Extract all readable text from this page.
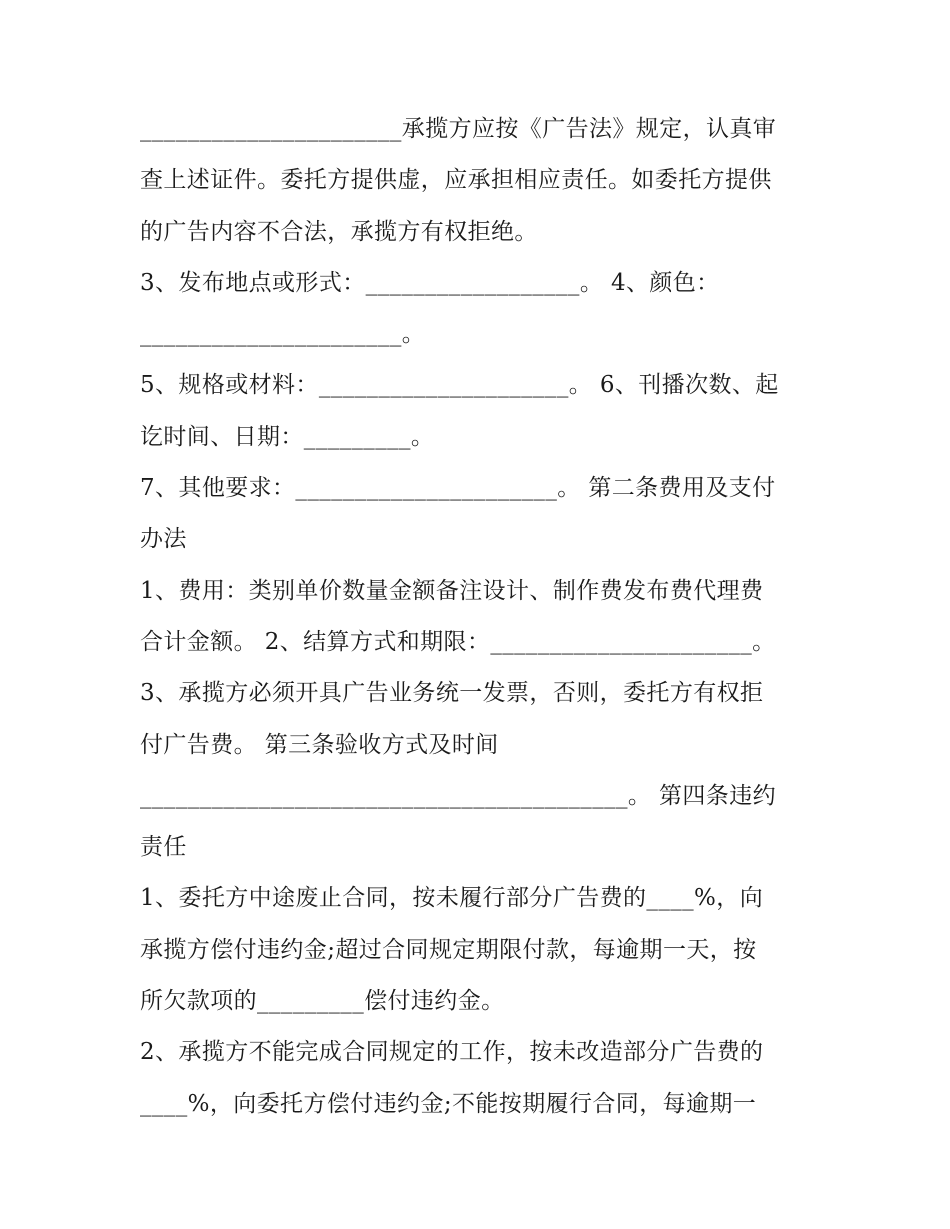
______________________承揽方应按《广告法》规定，认真审
查上述证件。委托方提供虚，应承担相应责任。如委托方提供
的广告内容不合法，承揽方有权拒绝。
3、发布地点或形式：__________________。 4、颜色：
______________________。
5、规格或材料：_____________________。 6、刊播次数、起
讫时间、日期：_________。
7、其他要求：______________________。 第二条费用及支付
办法
1、费用：类别单价数量金额备注设计、制作费发布费代理费
合计金额。 2、结算方式和期限：______________________。
3、承揽方必须开具广告业务统一发票，否则，委托方有权拒
付广告费。 第三条验收方式及时间
_________________________________________。 第四条违约
责任
1、委托方中途废止合同，按未履行部分广告费的____%，向
承揽方偿付违约金;超过合同规定期限付款，每逾期一天，按
所欠款项的_________偿付违约金。
2、承揽方不能完成合同规定的工作，按未改造部分广告费的
____%，向委托方偿付违约金;不能按期履行合同，每逾期一
